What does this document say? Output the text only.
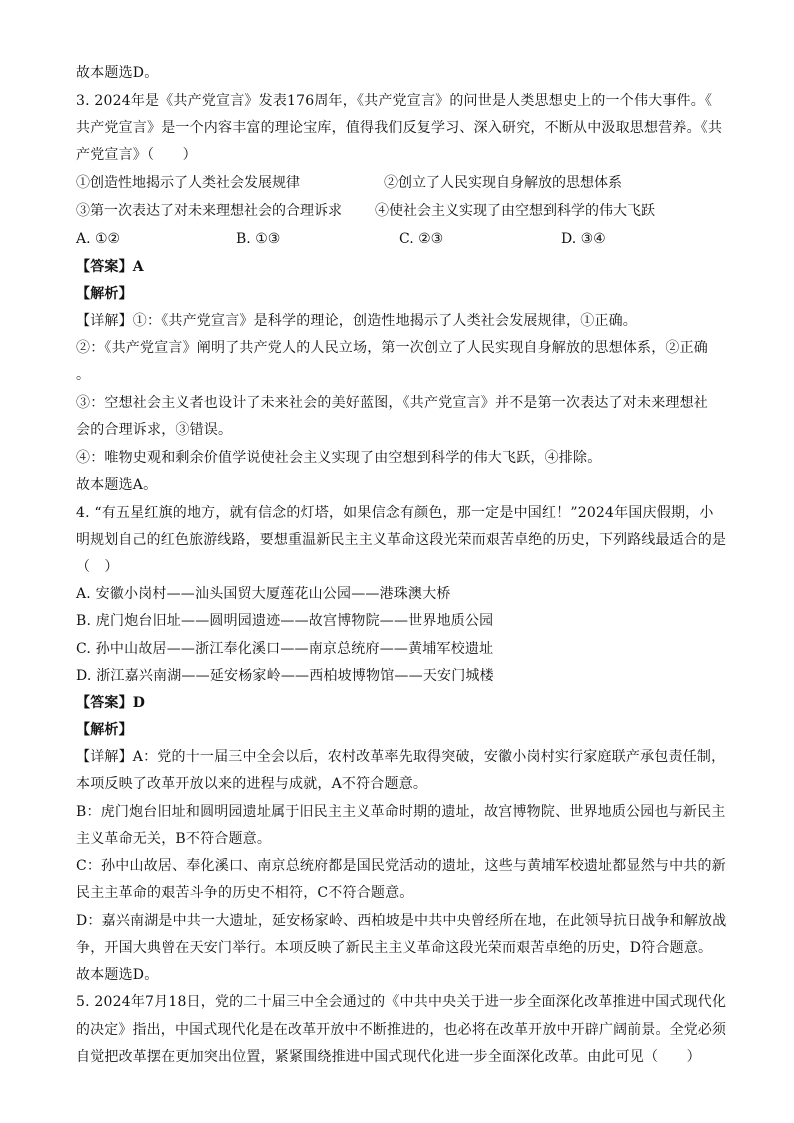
故本题选D。
3. 2024年是《共产党宣言》发表176周年，《共产党宣言》的问世是人类思想史上的一个伟大事件。《
共产党宣言》是一个内容丰富的理论宝库，值得我们反复学习、深入研究，不断从中汲取思想营养。《共
产党宣言》（　　）
①创造性地揭示了人类社会发展规律	②创立了人民实现自身解放的思想体系
③第一次表达了对未来理想社会的合理诉求 ④使社会主义实现了由空想到科学的伟大飞跃
A. ①②	B. ①③	C. ②③	D. ③④
【答案】A
【解析】
【详解】①：《共产党宣言》是科学的理论，创造性地揭示了人类社会发展规律，①正确。
②：《共产党宣言》阐明了共产党人的人民立场，第一次创立了人民实现自身解放的思想体系，②正确
。
③：空想社会主义者也设计了未来社会的美好蓝图，《共产党宣言》并不是第一次表达了对未来理想社
会的合理诉求，③错误。
④：唯物史观和剩余价值学说使社会主义实现了由空想到科学的伟大飞跃，④排除。
故本题选A。
4. “有五星红旗的地方，就有信念的灯塔，如果信念有颜色，那一定是中国红！”2024年国庆假期，小
明规划自己的红色旅游线路，要想重温新民主主义革命这段光荣而艰苦卓绝的历史，下列路线最适合的是
（　）
A. 安徽小岗村——汕头国贸大厦莲花山公园——港珠澳大桥
B. 虎门炮台旧址——圆明园遗迹——故宫博物院——世界地质公园
C. 孙中山故居——浙江奉化溪口——南京总统府——黄埔军校遗址
D. 浙江嘉兴南湖——延安杨家岭——西柏坡博物馆——天安门城楼
【答案】D
【解析】
【详解】A：党的十一届三中全会以后，农村改革率先取得突破，安徽小岗村实行家庭联产承包责任制，
本项反映了改革开放以来的进程与成就，A不符合题意。
B：虎门炮台旧址和圆明园遗址属于旧民主主义革命时期的遗址，故宫博物院、世界地质公园也与新民主
主义革命无关，B不符合题意。
C：孙中山故居、奉化溪口、南京总统府都是国民党活动的遗址，这些与黄埔军校遗址都显然与中共的新
民主主革命的艰苦斗争的历史不相符，C不符合题意。
D：嘉兴南湖是中共一大遗址，延安杨家岭、西柏坡是中共中央曾经所在地，在此领导抗日战争和解放战
争，开国大典曾在天安门举行。本项反映了新民主主义革命这段光荣而艰苦卓绝的历史，D符合题意。
故本题选D。
5. 2024年7月18日，党的二十届三中全会通过的《中共中央关于进一步全面深化改革推进中国式现代化
的决定》指出，中国式现代化是在改革开放中不断推进的，也必将在改革开放中开辟广阔前景。全党必须
自觉把改革摆在更加突出位置，紧紧围绕推进中国式现代化进一步全面深化改革。由此可见（　　）
